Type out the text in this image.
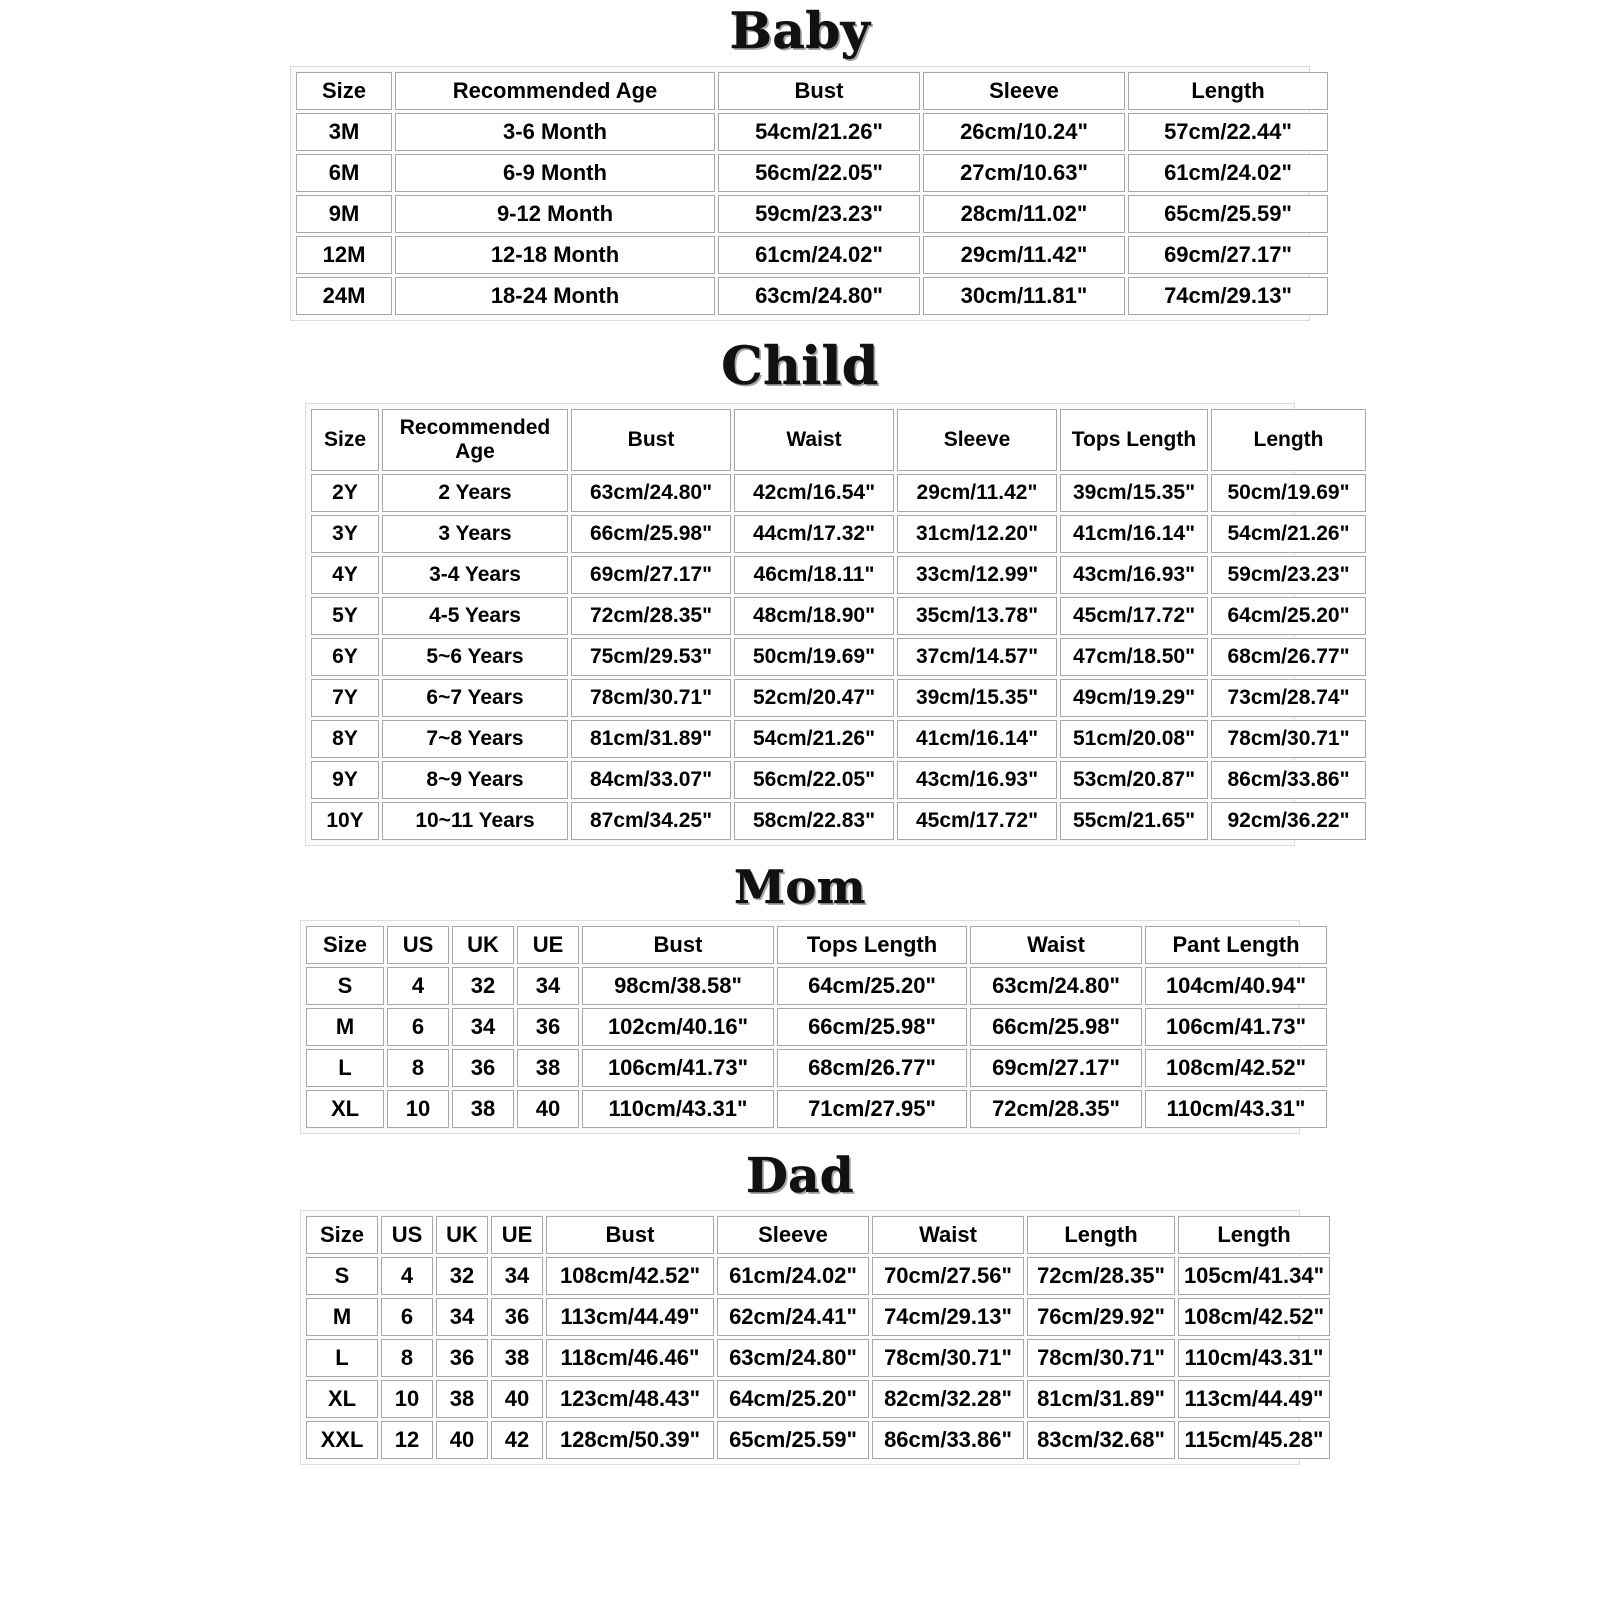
Baby
Size	Recommended Age	Bust	Sleeve	Length
3M	3-6 Month	54cm/21.26"	26cm/10.24"	57cm/22.44"
6M	6-9 Month	56cm/22.05"	27cm/10.63"	61cm/24.02"
9M	9-12 Month	59cm/23.23"	28cm/11.02"	65cm/25.59"
12M	12-18 Month	61cm/24.02"	29cm/11.42"	69cm/27.17"
24M	18-24 Month	63cm/24.80"	30cm/11.81"	74cm/29.13"
Child
Size	Recommended Age	Bust	Waist	Sleeve	Tops Length	Length
2Y	2 Years	63cm/24.80"	42cm/16.54"	29cm/11.42"	39cm/15.35"	50cm/19.69"
3Y	3 Years	66cm/25.98"	44cm/17.32"	31cm/12.20"	41cm/16.14"	54cm/21.26"
4Y	3-4 Years	69cm/27.17"	46cm/18.11"	33cm/12.99"	43cm/16.93"	59cm/23.23"
5Y	4-5 Years	72cm/28.35"	48cm/18.90"	35cm/13.78"	45cm/17.72"	64cm/25.20"
6Y	5~6 Years	75cm/29.53"	50cm/19.69"	37cm/14.57"	47cm/18.50"	68cm/26.77"
7Y	6~7 Years	78cm/30.71"	52cm/20.47"	39cm/15.35"	49cm/19.29"	73cm/28.74"
8Y	7~8 Years	81cm/31.89"	54cm/21.26"	41cm/16.14"	51cm/20.08"	78cm/30.71"
9Y	8~9 Years	84cm/33.07"	56cm/22.05"	43cm/16.93"	53cm/20.87"	86cm/33.86"
10Y	10~11 Years	87cm/34.25"	58cm/22.83"	45cm/17.72"	55cm/21.65"	92cm/36.22"
Mom
Size	US	UK	UE	Bust	Tops Length	Waist	Pant Length
S	4	32	34	98cm/38.58"	64cm/25.20"	63cm/24.80"	104cm/40.94"
M	6	34	36	102cm/40.16"	66cm/25.98"	66cm/25.98"	106cm/41.73"
L	8	36	38	106cm/41.73"	68cm/26.77"	69cm/27.17"	108cm/42.52"
XL	10	38	40	110cm/43.31"	71cm/27.95"	72cm/28.35"	110cm/43.31"
Dad
Size	US	UK	UE	Bust	Sleeve	Waist	Length	Length
S	4	32	34	108cm/42.52"	61cm/24.02"	70cm/27.56"	72cm/28.35"	105cm/41.34"
M	6	34	36	113cm/44.49"	62cm/24.41"	74cm/29.13"	76cm/29.92"	108cm/42.52"
L	8	36	38	118cm/46.46"	63cm/24.80"	78cm/30.71"	78cm/30.71"	110cm/43.31"
XL	10	38	40	123cm/48.43"	64cm/25.20"	82cm/32.28"	81cm/31.89"	113cm/44.49"
XXL	12	40	42	128cm/50.39"	65cm/25.59"	86cm/33.86"	83cm/32.68"	115cm/45.28"
